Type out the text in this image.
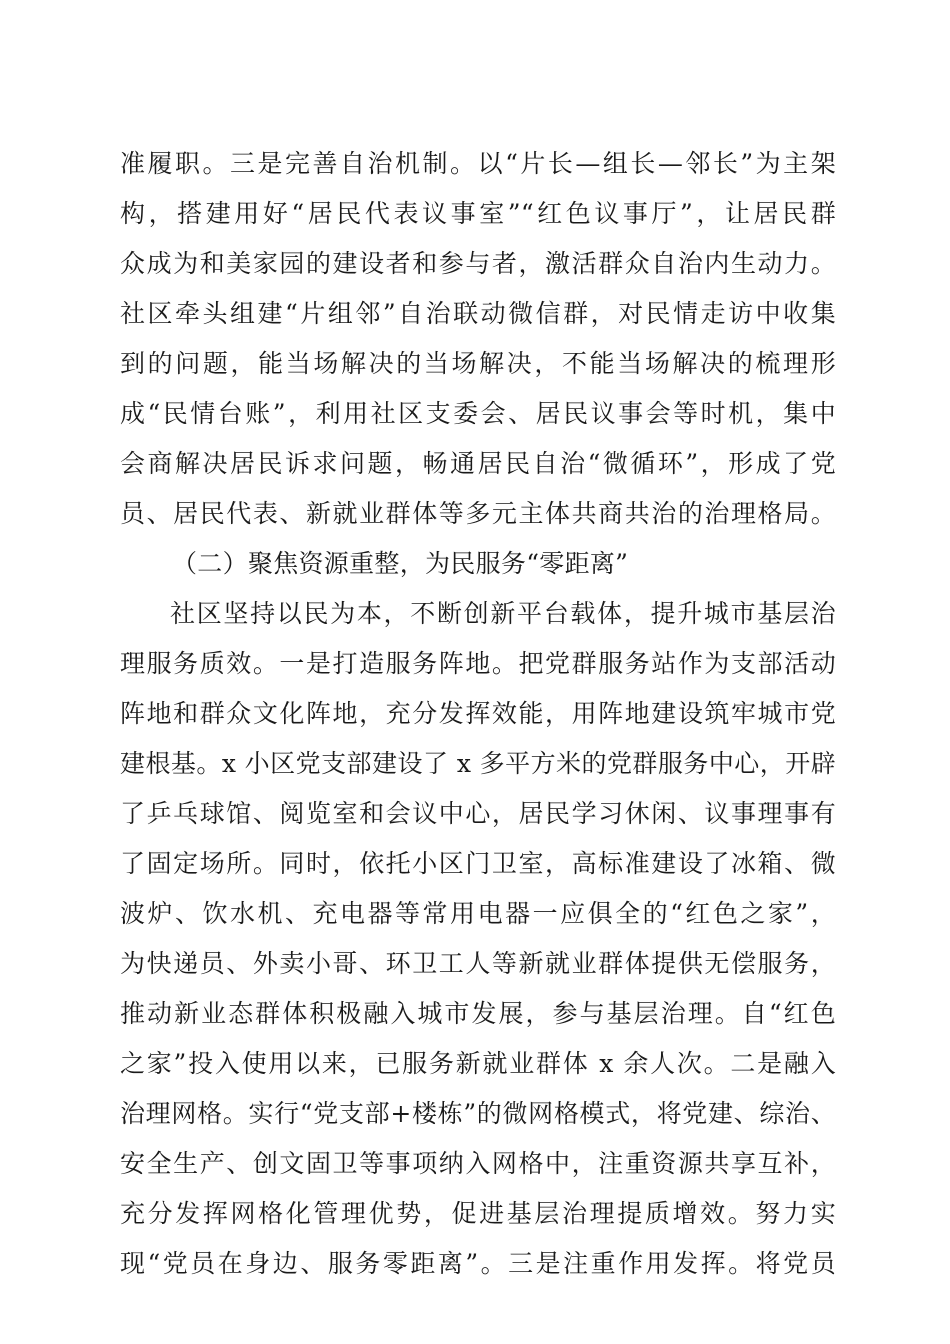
准履职。三是完善自治机制。以“片长—组长—邻长”为主架
构，搭建用好“居民代表议事室”“红色议事厅”，让居民群
众成为和美家园的建设者和参与者，激活群众自治内生动力。
社区牵头组建“片组邻”自治联动微信群，对民情走访中收集
到的问题，能当场解决的当场解决，不能当场解决的梳理形
成“民情台账”，利用社区支委会、居民议事会等时机，集中
会商解决居民诉求问题，畅通居民自治“微循环”，形成了党
员、居民代表、新就业群体等多元主体共商共治的治理格局。
（二）聚焦资源重整，为民服务“零距离”
社区坚持以民为本，不断创新平台载体，提升城市基层治
理服务质效。一是打造服务阵地。把党群服务站作为支部活动
阵地和群众文化阵地，充分发挥效能，用阵地建设筑牢城市党
建根基。x 小区党支部建设了 x 多平方米的党群服务中心，开辟
了乒乓球馆、阅览室和会议中心，居民学习休闲、议事理事有
了固定场所。同时，依托小区门卫室，高标准建设了冰箱、微
波炉、饮水机、充电器等常用电器一应俱全的“红色之家”，
为快递员、外卖小哥、环卫工人等新就业群体提供无偿服务，
推动新业态群体积极融入城市发展，参与基层治理。自“红色
之家”投入使用以来，已服务新就业群体 x 余人次。二是融入
治理网格。实行“党支部+楼栋”的微网格模式，将党建、综治、
安全生产、创文固卫等事项纳入网格中，注重资源共享互补，
充分发挥网格化管理优势，促进基层治理提质增效。努力实
现“党员在身边、服务零距离”。三是注重作用发挥。将党员
